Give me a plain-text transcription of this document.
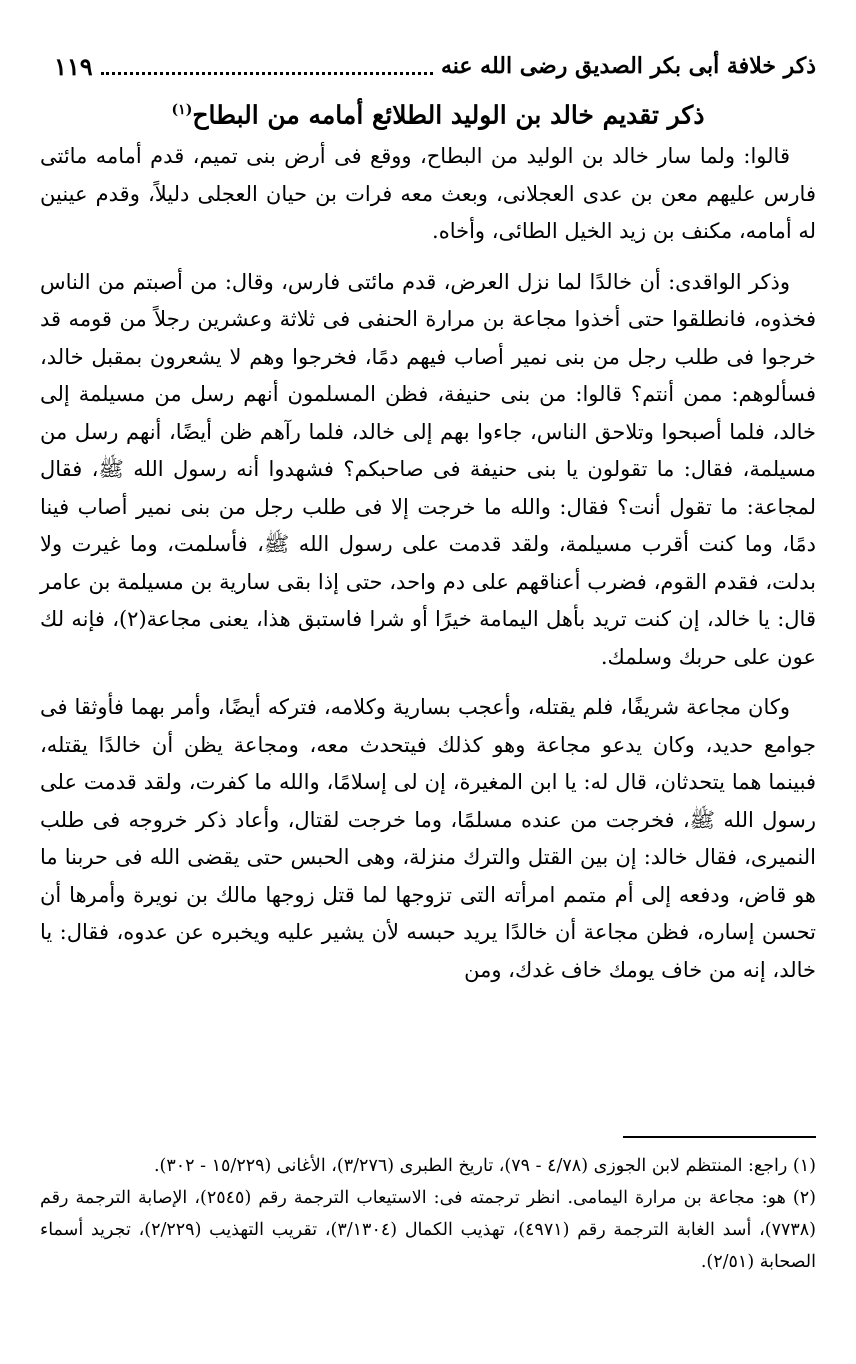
ذكر خلافة أبى بكر الصديق رضى الله عنه
١١٩
ذكر تقديم خالد بن الوليد الطلائع أمامه من البطاح$^{(١)}$

قالوا: ولما سار خالد بن الوليد من البطاح، ووقع فى أرض بنى تميم، قدم أمامه مائتى فارس عليهم معن بن عدى العجلانى، وبعث معه فرات بن حيان العجلى دليلاً، وقدم عينين له أمامه، مكنف بن زيد الخيل الطائى، وأخاه.

وذكر الواقدى: أن خالدًا لما نزل العرض، قدم مائتى فارس، وقال: من أصبتم من الناس فخذوه، فانطلقوا حتى أخذوا مجاعة بن مرارة الحنفى فى ثلاثة وعشرين رجلاً من قومه قد خرجوا فى طلب رجل من بنى نمير أصاب فيهم دمًا، فخرجوا وهم لا يشعرون بمقبل خالد، فسألوهم: ممن أنتم؟ قالوا: من بنى حنيفة، فظن المسلمون أنهم رسل من مسيلمة إلى خالد، فلما أصبحوا وتلاحق الناس، جاءوا بهم إلى خالد، فلما رآهم ظن أيضًا، أنهم رسل من مسيلمة، فقال: ما تقولون يا بنى حنيفة فى صاحبكم؟ فشهدوا أنه رسول الله ﷺ، فقال لمجاعة: ما تقول أنت؟ فقال: والله ما خرجت إلا فى طلب رجل من بنى نمير أصاب فينا دمًا، وما كنت أقرب مسيلمة، ولقد قدمت على رسول الله ﷺ، فأسلمت، وما غيرت ولا بدلت، فقدم القوم، فضرب أعناقهم على دم واحد، حتى إذا بقى سارية بن مسيلمة بن عامر قال: يا خالد، إن كنت تريد بأهل اليمامة خيرًا أو شرا فاستبق هذا، يعنى مجاعة(٢)، فإنه لك عون على حربك وسلمك.

وكان مجاعة شريفًا، فلم يقتله، وأعجب بسارية وكلامه، فتركه أيضًا، وأمر بهما فأوثقا فى جوامع حديد، وكان يدعو مجاعة وهو كذلك فيتحدث معه، ومجاعة يظن أن خالدًا يقتله، فبينما هما يتحدثان، قال له: يا ابن المغيرة، إن لى إسلامًا، والله ما كفرت، ولقد قدمت على رسول الله ﷺ، فخرجت من عنده مسلمًا، وما خرجت لقتال، وأعاد ذكر خروجه فى طلب النميرى، فقال خالد: إن بين القتل والترك منزلة، وهى الحبس حتى يقضى الله فى حربنا ما هو قاض، ودفعه إلى أم متمم امرأته التى تزوجها لما قتل زوجها مالك بن نويرة وأمرها أن تحسن إساره، فظن مجاعة أن خالدًا يريد حبسه لأن يشير عليه ويخبره عن عدوه، فقال: يا خالد، إنه من خاف يومك خاف غدك، ومن

(١) راجع: المنتظم لابن الجوزى (٤/٧٨ - ٧٩)، تاريخ الطبرى (٣/٢٧٦)، الأغانى (١٥/٢٢٩ - ٣٠٢).

(٢) هو: مجاعة بن مرارة اليمامى. انظر ترجمته فى: الاستيعاب الترجمة رقم (٢٥٤٥)، الإصابة الترجمة رقم (٧٧٣٨)، أسد الغابة الترجمة رقم (٤٩٧١)، تهذيب الكمال (٣/١٣٠٤)، تقريب التهذيب (٢/٢٢٩)، تجريد أسماء الصحابة (٢/٥١).
